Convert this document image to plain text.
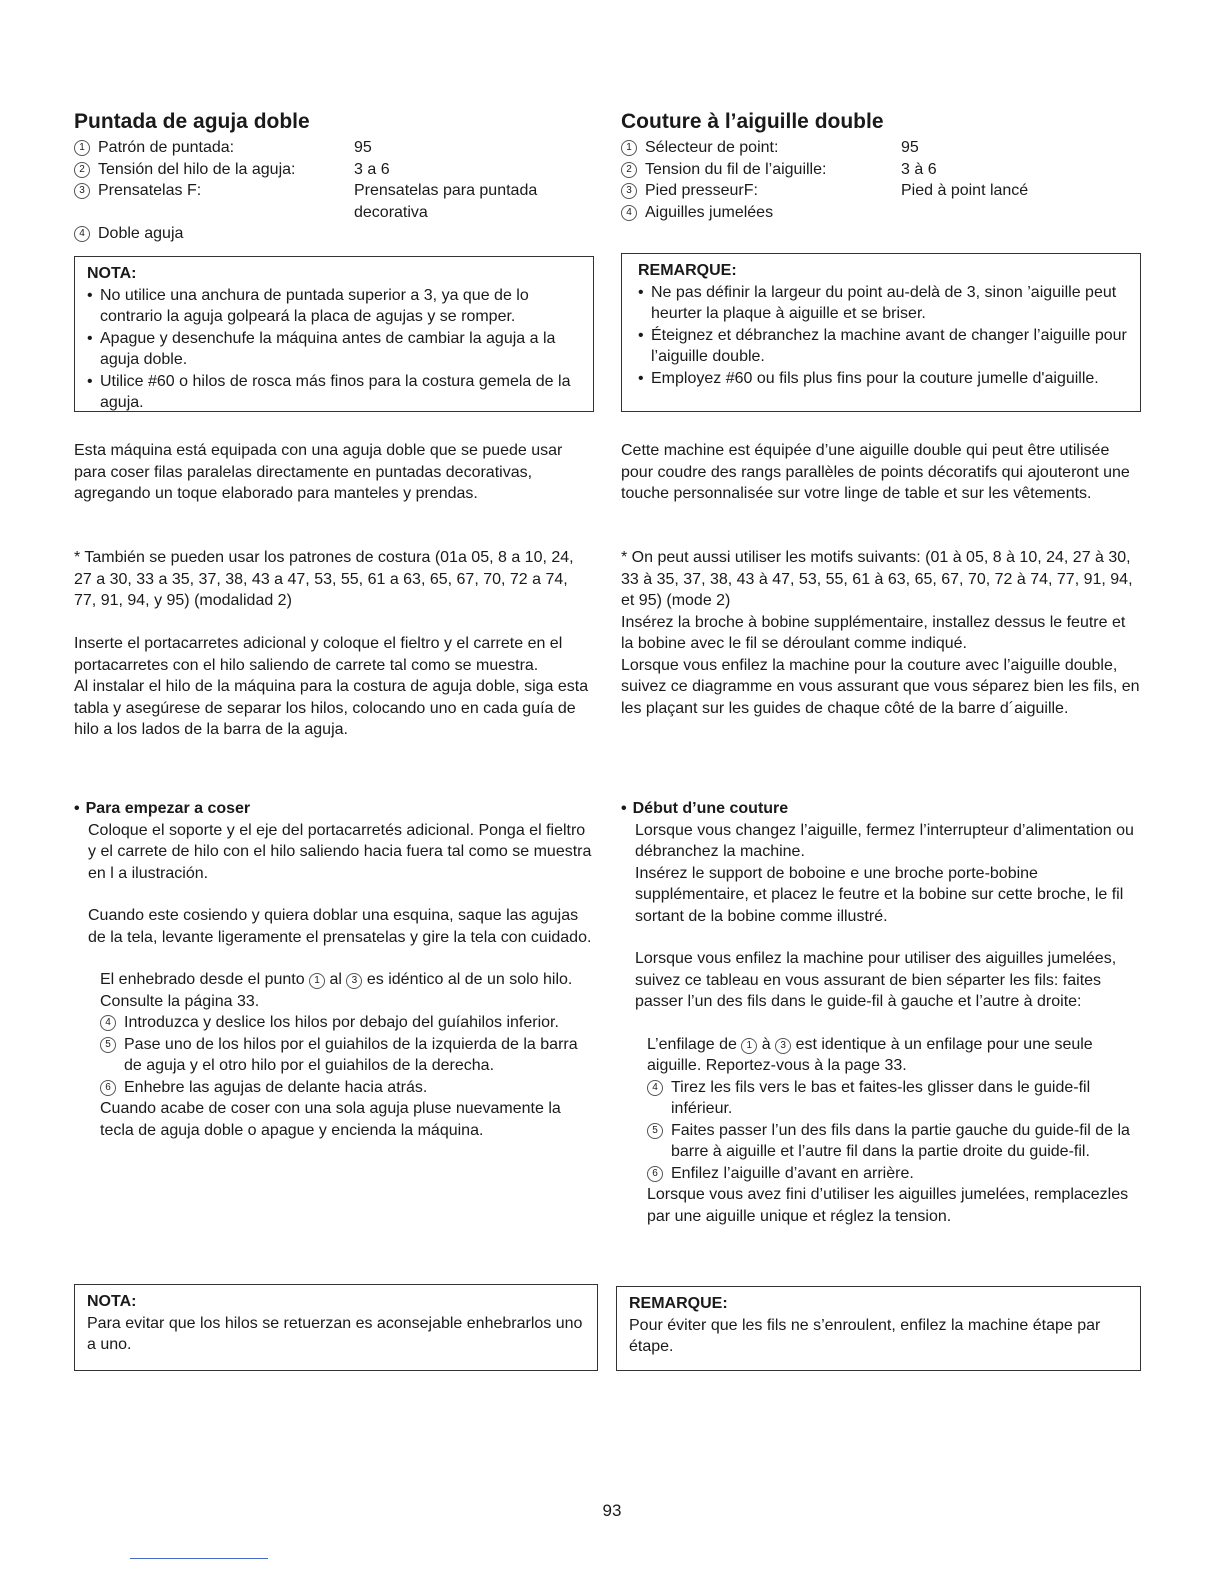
Puntada de aguja doble
1 Patrón de puntada:	95
2 Tensión del hilo de la aguja:	3 a 6
3 Prensatelas F:	Prensatelas para puntada decorativa
4 Doble aguja
NOTA:
• No utilice una anchura de puntada superior a 3, ya que de lo contrario la aguja golpeará la placa de agujas y se romper.
• Apague y desenchufe la máquina antes de cambiar la aguja a la aguja doble.
• Utilice #60 o hilos de rosca más finos para la costura gemela de la aguja.

Esta máquina está equipada con una aguja doble que se puede usar para coser filas paralelas directamente en puntadas decorativas, agregando un toque elaborado para manteles y prendas.

* También se pueden usar los patrones de costura (01a 05, 8 a 10, 24, 27 a 30, 33 a 35, 37, 38, 43 a 47, 53, 55, 61 a 63, 65, 67, 70, 72 a 74, 77, 91, 94, y 95) (modalidad 2)

Inserte el portacarretes adicional y coloque el fieltro y el carrete en el portacarretes con el hilo saliendo de carrete tal como se muestra.

Al instalar el hilo de la máquina para la costura de aguja doble, siga esta tabla y asegúrese de separar los hilos, colocando uno en cada guía de hilo a los lados de la barra de la aguja.

• Para empezar a coser

Coloque el soporte y el eje del portacarretés adicional. Ponga el fieltro y el carrete de hilo con el hilo saliendo hacia fuera tal como se muestra en l a ilustración.

Cuando este cosiendo y quiera doblar una esquina, saque las agujas de la tela, levante ligeramente el prensatelas y gire la tela con cuidado.

El enhebrado desde el punto 1 al 3 es idéntico al de un solo hilo. Consulte la página 33.

4 Introduzca y deslice los hilos por debajo del guíahilos inferior.
5 Pase uno de los hilos por el guiahilos de la izquierda de la barra de aguja y el otro hilo por el guiahilos de la derecha.
6 Enhebre las agujas de delante hacia atrás.

Cuando acabe de coser con una sola aguja pluse nuevamente la tecla de aguja doble o apague y encienda la máquina.

NOTA:

Para evitar que los hilos se retuerzan es aconsejable enhebrarlos uno a uno.

Couture à l’aiguille double
1 Sélecteur de point:	95
2 Tension du fil de l’aiguille:	3 à 6
3 Pied presseurF:	Pied à point lancé
4 Aiguilles jumelées
REMARQUE:
• Ne pas définir la largeur du point au-delà de 3, sinon ’aiguille peut heurter la plaque à aiguille et se briser.
• Éteignez et débranchez la machine avant de changer l’aiguille pour l’aiguille double.
• Employez #60 ou fils plus fins pour la couture jumelle d'aiguille.

Cette machine est équipée d’une aiguille double qui peut être utilisée pour coudre des rangs parallèles de points décoratifs qui ajouteront une touche personnalisée sur votre linge de table et sur les vêtements.

* On peut aussi utiliser les motifs suivants: (01 à 05, 8 à 10, 24, 27 à 30, 33 à 35, 37, 38, 43 à 47, 53, 55, 61 à 63, 65, 67, 70, 72 à 74, 77, 91, 94, et 95) (mode 2)

Insérez la broche à bobine supplémentaire, installez dessus le feutre et la bobine avec le fil se déroulant comme indiqué.

Lorsque vous enfilez la machine pour la couture avec l’aiguille double, suivez ce diagramme en vous assurant que vous séparez bien les fils, en les plaçant sur les guides de chaque côté de la barre d´aiguille.

• Début d’une couture

Lorsque vous changez l’aiguille, fermez l’interrupteur d’alimentation ou débranchez la machine.

Insérez le support de boboine e une broche porte-bobine supplémentaire, et placez le feutre et la bobine sur cette broche, le fil sortant de la bobine comme illustré.

Lorsque vous enfilez la machine pour utiliser des aiguilles jumelées, suivez ce tableau en vous assurant de bien séparter les fils: faites passer l’un des fils dans le guide-fil à gauche et l’autre à droite:

L’enfilage de 1 à 3 est identique à un enfilage pour une seule aiguille. Reportez-vous à la page 33.

4 Tirez les fils vers le bas et faites-les glisser dans le guide-fil inférieur.
5 Faites passer l’un des fils dans la partie gauche du guide-fil de la barre à aiguille et l’autre fil dans la partie droite du guide-fil.
6 Enfilez l’aiguille d’avant en arrière.

Lorsque vous avez fini d’utiliser les aiguilles jumelées, remplacezles par une aiguille unique et réglez la tension.

REMARQUE:

Pour éviter que les fils ne s’enroulent, enfilez la machine étape par étape.

93
